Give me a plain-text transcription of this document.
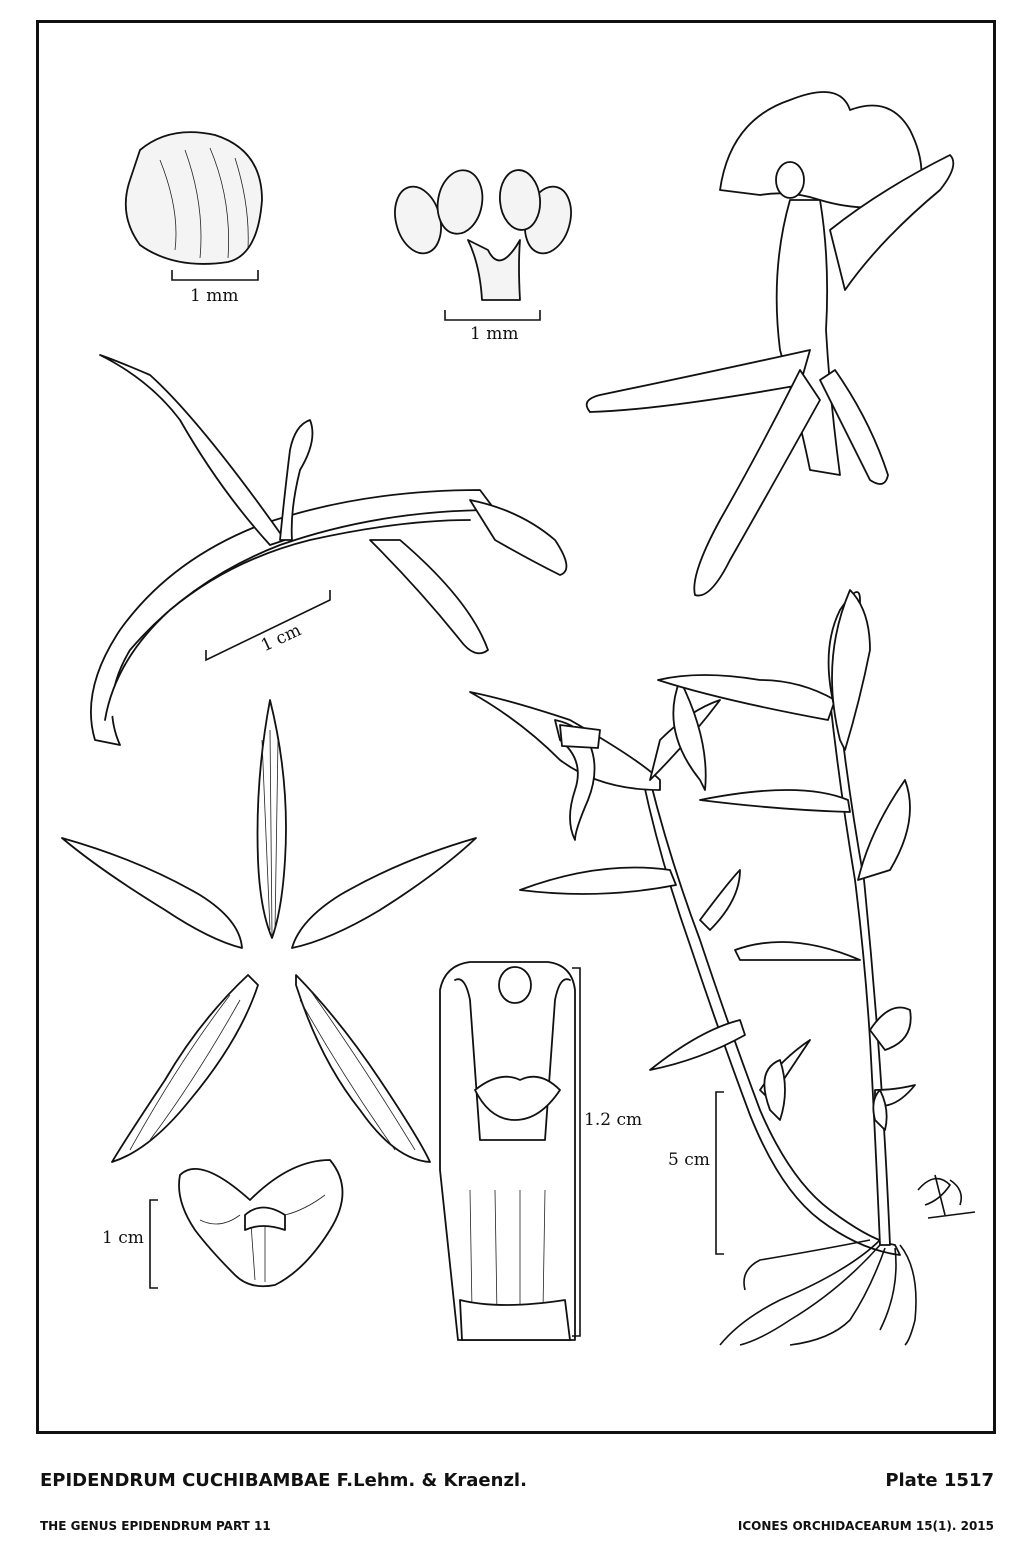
1 mm
1 mm
1 cm
1 cm
1.2 cm
5 cm
EPIDENDRUM CUCHIBAMBAE F.Lehm. & Kraenzl.	Plate 1517
THE GENUS EPIDENDRUM PART 11	ICONES ORCHIDACEARUM 15(1). 2015
